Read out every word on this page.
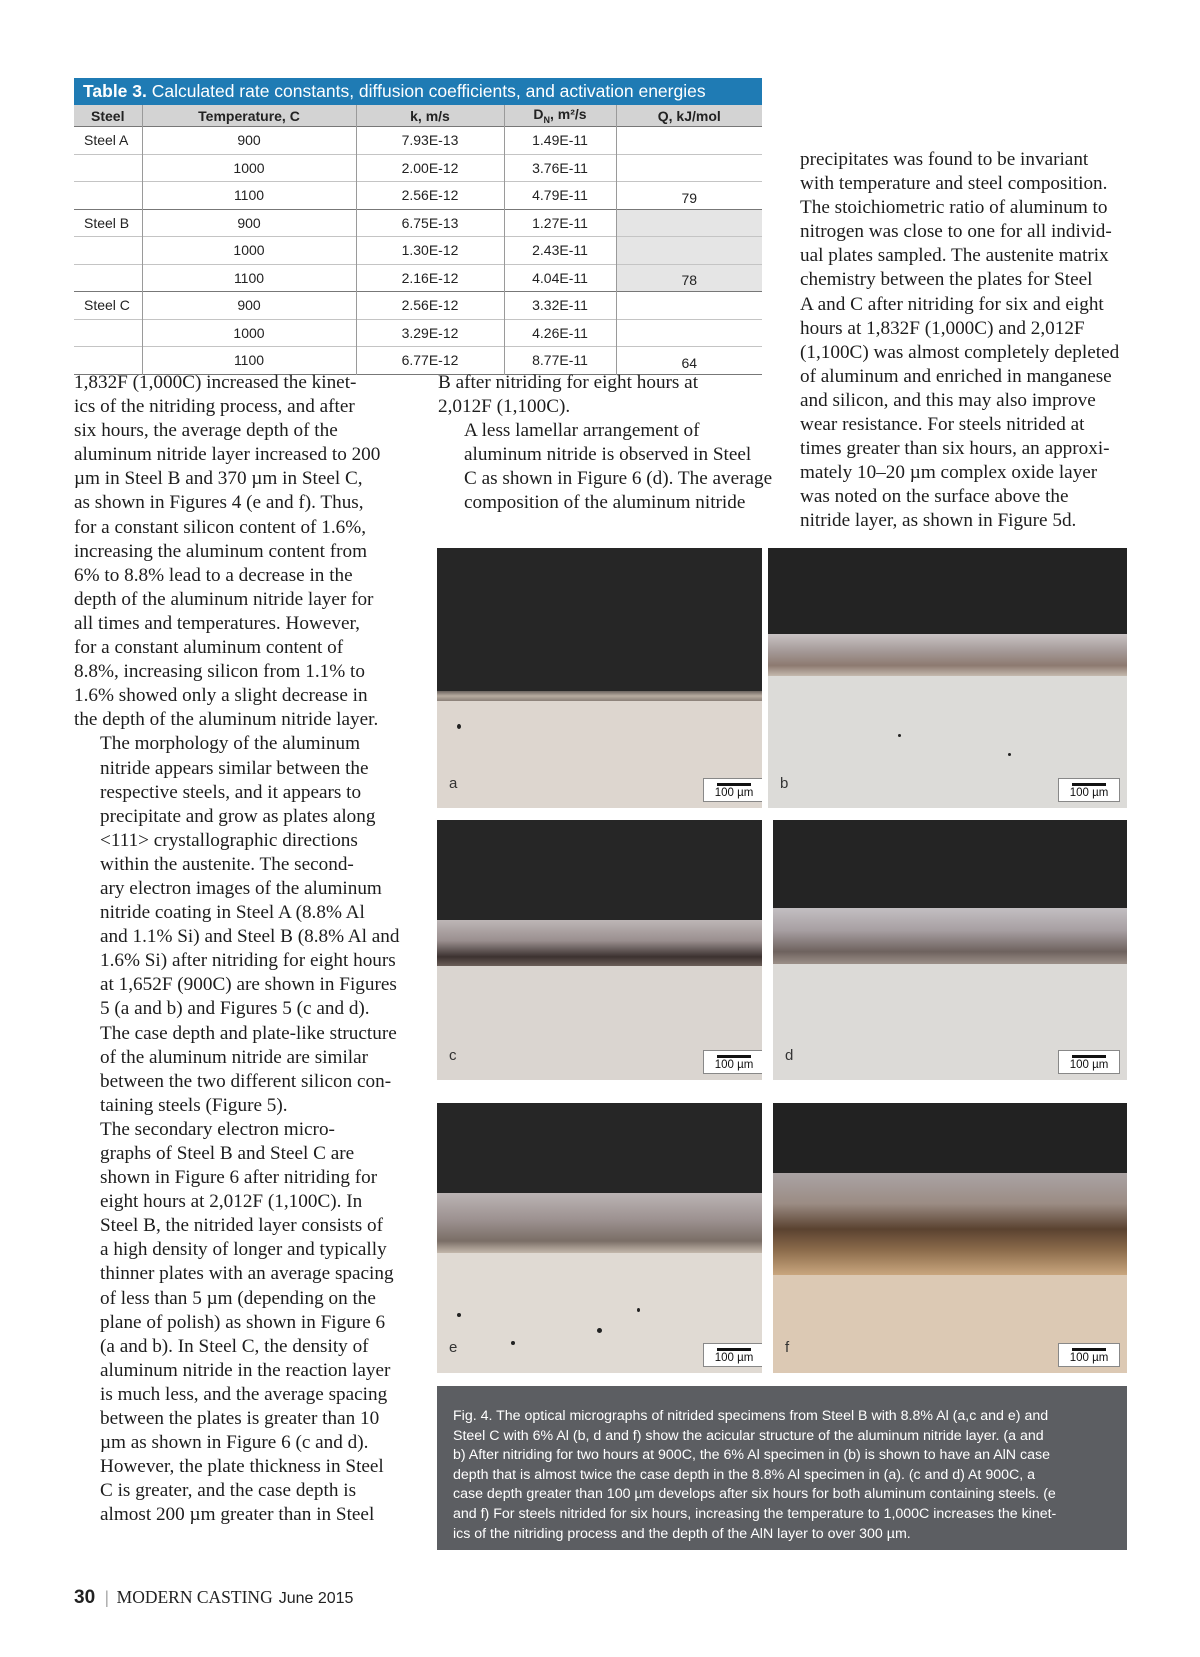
Table 3. Calculated rate constants, diffusion coefficients, and activation energies
Steel	Temperature, C	k, m/s	$D_N$, m²/s	Q, kJ/mol
Steel A	900	7.93E-13	1.49E-11	
	1000	2.00E-12	3.76E-11	
	1100	2.56E-12	4.79E-11	79
Steel B	900	6.75E-13	1.27E-11	
	1000	1.30E-12	2.43E-11	
	1100	2.16E-12	4.04E-11	78
Steel C	900	2.56E-12	3.32E-11	
	1000	3.29E-12	4.26E-11	
	1100	6.77E-12	8.77E-11	64

1,832F (1,000C) increased the kinet-
ics of the nitriding process, and after
six hours, the average depth of the
aluminum nitride layer increased to 200
µm in Steel B and 370 µm in Steel C,
as shown in Figures 4 (e and f). Thus,
for a constant silicon content of 1.6%,
increasing the aluminum content from
6% to 8.8% lead to a decrease in the
depth of the aluminum nitride layer for
all times and temperatures. However,
for a constant aluminum content of
8.8%, increasing silicon from 1.1% to
1.6% showed only a slight decrease in
the depth of the aluminum nitride layer.

The morphology of the aluminum
nitride appears similar between the
respective steels, and it appears to
precipitate and grow as plates along
<111> crystallographic directions
within the austenite. The second-
ary electron images of the aluminum
nitride coating in Steel A (8.8% Al
and 1.1% Si) and Steel B (8.8% Al and
1.6% Si) after nitriding for eight hours
at 1,652F (900C) are shown in Figures
5 (a and b) and Figures 5 (c and d).
The case depth and plate-like structure
of the aluminum nitride are similar
between the two different silicon con-
taining steels (Figure 5).

The secondary electron micro-
graphs of Steel B and Steel C are
shown in Figure 6 after nitriding for
eight hours at 2,012F (1,100C). In
Steel B, the nitrided layer consists of
a high density of longer and typically
thinner plates with an average spacing
of less than 5 µm (depending on the
plane of polish) as shown in Figure 6
(a and b). In Steel C, the density of
aluminum nitride in the reaction layer
is much less, and the average spacing
between the plates is greater than 10
µm as shown in Figure 6 (c and d).
However, the plate thickness in Steel
C is greater, and the case depth is
almost 200 µm greater than in Steel

B after nitriding for eight hours at
2,012F (1,100C).

A less lamellar arrangement of
aluminum nitride is observed in Steel
C as shown in Figure 6 (d). The average
composition of the aluminum nitride

precipitates was found to be invariant
with temperature and steel composition.
The stoichiometric ratio of aluminum to
nitrogen was close to one for all individ-
ual plates sampled. The austenite matrix
chemistry between the plates for Steel
A and C after nitriding for six and eight
hours at 1,832F (1,000C) and 2,012F
(1,100C) was almost completely depleted
of aluminum and enriched in manganese
and silicon, and this may also improve
wear resistance. For steels nitrided at
times greater than six hours, an approxi-
mately 10–20 µm complex oxide layer
was noted on the surface above the
nitride layer, as shown in Figure 5d.

a
100 µm
b
100 µm
c
100 µm
d
100 µm
e
100 µm
f
100 µm
Fig. 4. The optical micrographs of nitrided specimens from Steel B with 8.8% Al (a,c and e) and
Steel C with 6% Al (b, d and f) show the acicular structure of the aluminum nitride layer. (a and
b) After nitriding for two hours at 900C, the 6% Al specimen in (b) is shown to have an AlN case
depth that is almost twice the case depth in the 8.8% Al specimen in (a). (c and d) At 900C, a
case depth greater than 100 µm develops after six hours for both aluminum containing steels. (e
and f) For steels nitrided for six hours, increasing the temperature to 1,000C increases the kinet-
ics of the nitriding process and the depth of the AlN layer to over 300 µm.
30 | MODERN CASTING June 2015
